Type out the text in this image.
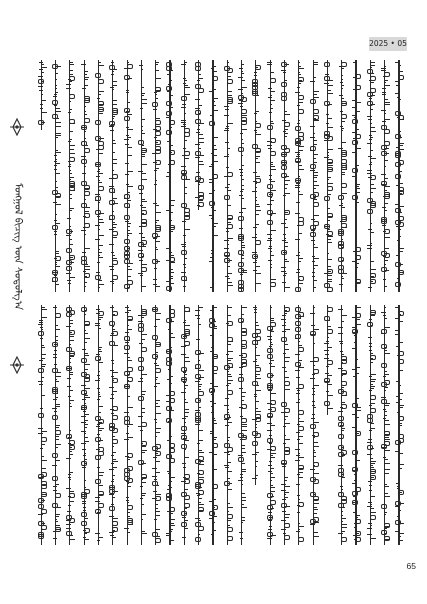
2025 • 05
ᠮᠣᠩᠭᠣᠯ ᠪᠢᠴᠢᠭ ᠦᠨ ᠰᠣᠳᠣᠯᠭ᠎ᠠ
65
